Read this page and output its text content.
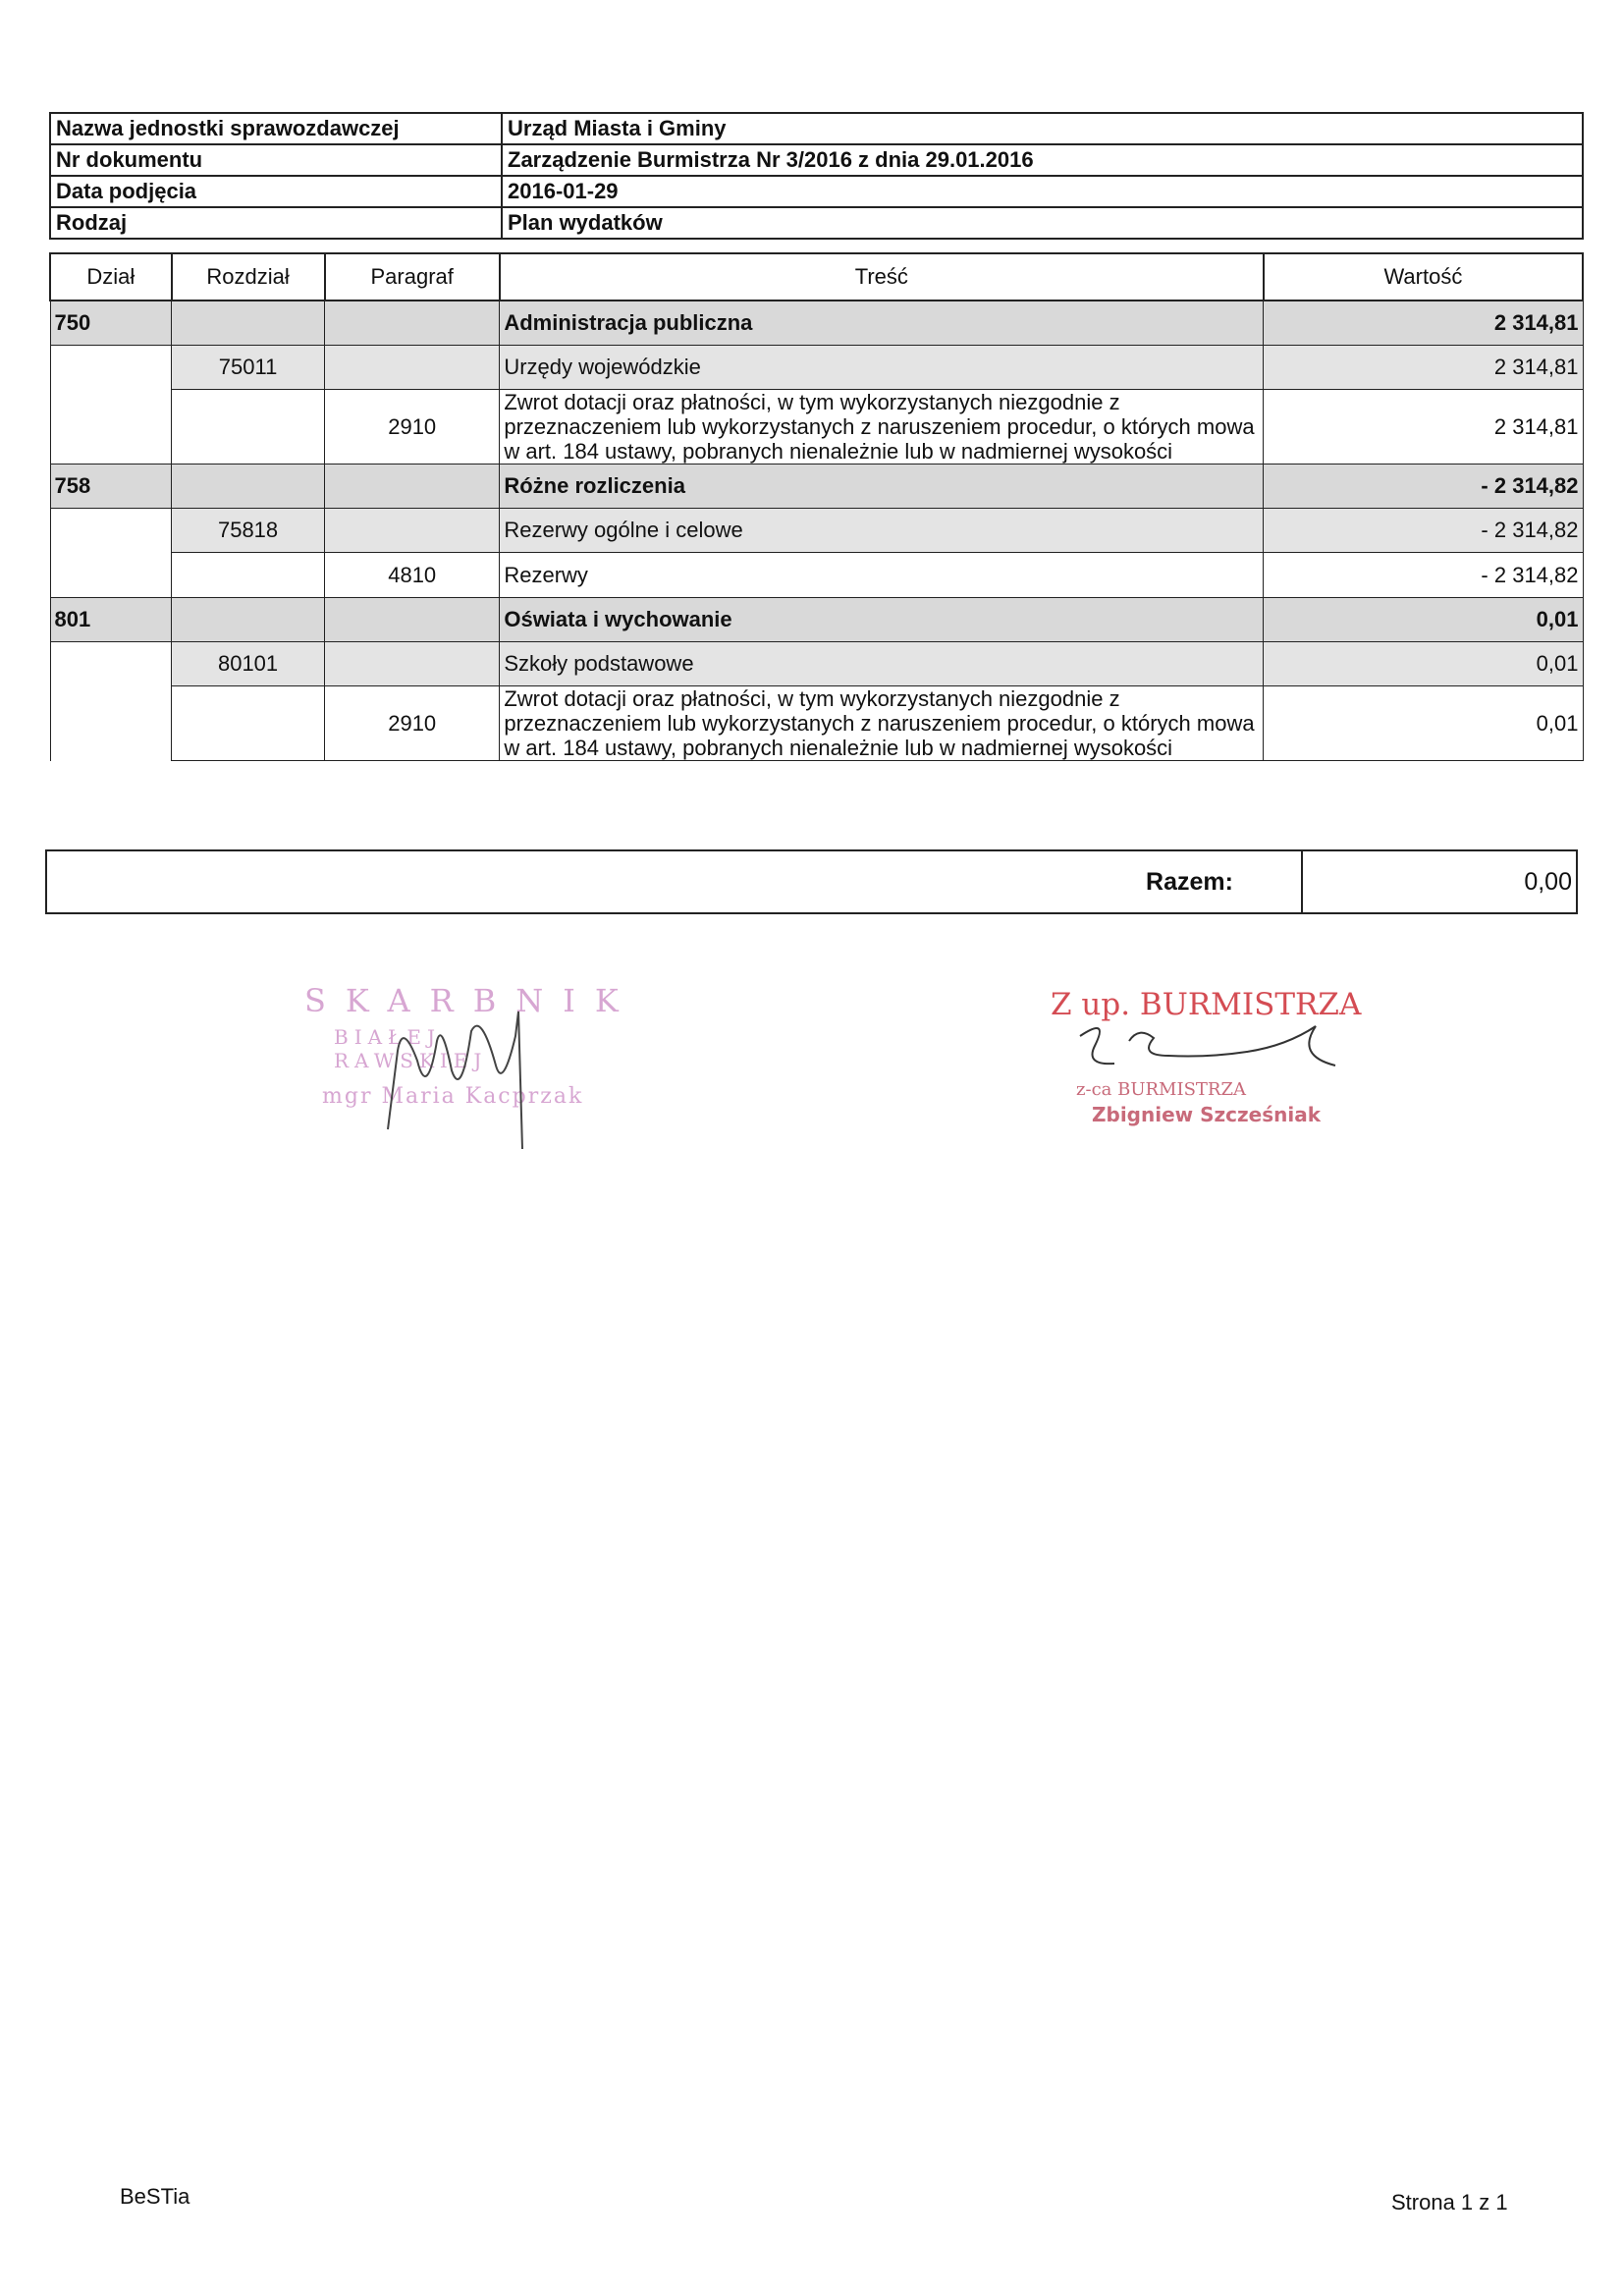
Nazwa jednostki sprawozdawczej	Urząd Miasta i Gminy
Nr dokumentu	Zarządzenie Burmistrza Nr 3/2016 z dnia 29.01.2016
Data podjęcia	2016-01-29
Rodzaj	Plan wydatków
Dział	Rozdział	Paragraf	Treść	Wartość
750			Administracja publiczna	2 314,81
	75011		Urzędy wojewódzkie	2 314,81
		2910	Zwrot dotacji oraz płatności, w tym wykorzystanych niezgodnie z przeznaczeniem lub wykorzystanych z naruszeniem procedur, o których mowa w art. 184 ustawy, pobranych nienależnie lub w nadmiernej wysokości	2 314,81
758			Różne rozliczenia	- 2 314,82
	75818		Rezerwy ogólne i celowe	- 2 314,82
		4810	Rezerwy	- 2 314,82
801			Oświata i wychowanie	0,01
	80101		Szkoły podstawowe	0,01
		2910	Zwrot dotacji oraz płatności, w tym wykorzystanych niezgodnie z przeznaczeniem lub wykorzystanych z naruszeniem procedur, o których mowa w art. 184 ustawy, pobranych nienależnie lub w nadmiernej wysokości	0,01
Razem:	0,00
SKARBNIK
BIAŁEJ RAWSKIEJ
mgr Maria Kacprzak
Z up. BURMISTRZA
z-ca BURMISTRZA
Zbigniew Szcześniak
BeSTia	Strona 1 z 1
